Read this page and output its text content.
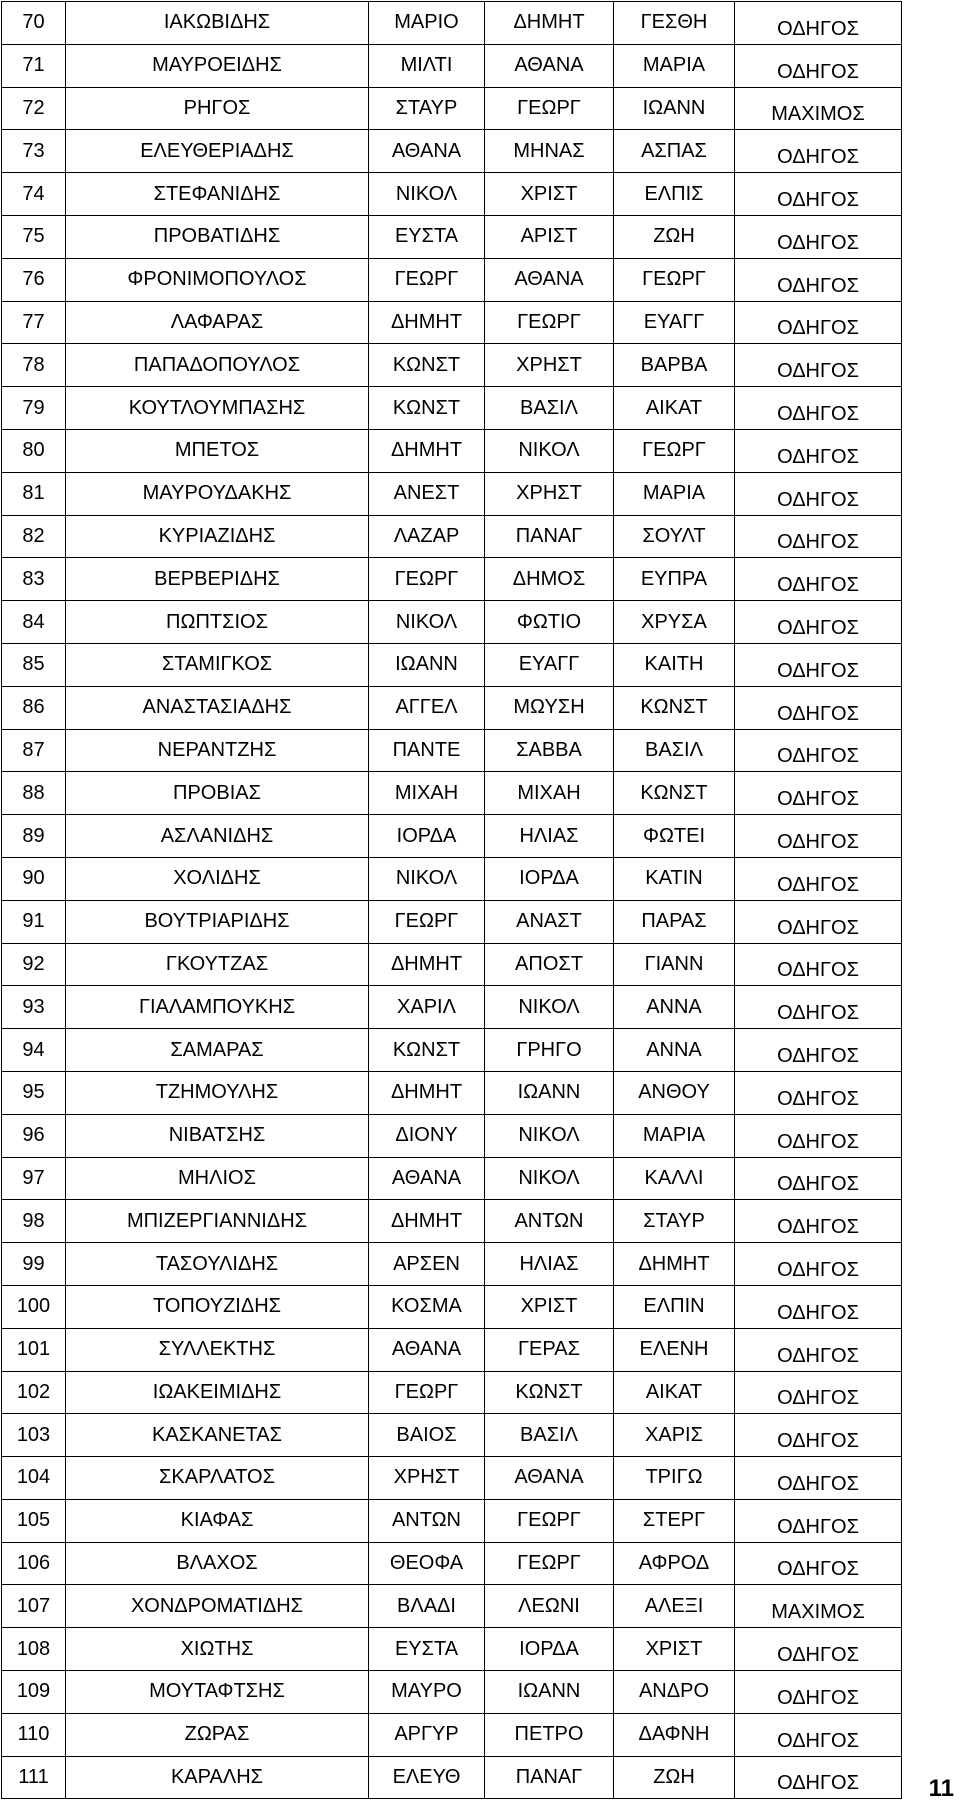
70	ΙΑΚΩΒΙΔΗΣ	ΜΑΡΙΟ	ΔΗΜΗΤ	ΓΕΣΘΗ	ΟΔΗΓΟΣ
71	ΜΑΥΡΟΕΙΔΗΣ	ΜΙΛΤΙ	ΑΘΑΝΑ	ΜΑΡΙΑ	ΟΔΗΓΟΣ
72	ΡΗΓΟΣ	ΣΤΑΥΡ	ΓΕΩΡΓ	ΙΩΑΝΝ	ΜΑΧΙΜΟΣ
73	ΕΛΕΥΘΕΡΙΑΔΗΣ	ΑΘΑΝΑ	ΜΗΝΑΣ	ΑΣΠΑΣ	ΟΔΗΓΟΣ
74	ΣΤΕΦΑΝΙΔΗΣ	ΝΙΚΟΛ	ΧΡΙΣΤ	ΕΛΠΙΣ	ΟΔΗΓΟΣ
75	ΠΡΟΒΑΤΙΔΗΣ	ΕΥΣΤΑ	ΑΡΙΣΤ	ΖΩΗ	ΟΔΗΓΟΣ
76	ΦΡΟΝΙΜΟΠΟΥΛΟΣ	ΓΕΩΡΓ	ΑΘΑΝΑ	ΓΕΩΡΓ	ΟΔΗΓΟΣ
77	ΛΑΦΑΡΑΣ	ΔΗΜΗΤ	ΓΕΩΡΓ	ΕΥΑΓΓ	ΟΔΗΓΟΣ
78	ΠΑΠΑΔΟΠΟΥΛΟΣ	ΚΩΝΣΤ	ΧΡΗΣΤ	ΒΑΡΒΑ	ΟΔΗΓΟΣ
79	ΚΟΥΤΛΟΥΜΠΑΣΗΣ	ΚΩΝΣΤ	ΒΑΣΙΛ	ΑΙΚΑΤ	ΟΔΗΓΟΣ
80	ΜΠΕΤΟΣ	ΔΗΜΗΤ	ΝΙΚΟΛ	ΓΕΩΡΓ	ΟΔΗΓΟΣ
81	ΜΑΥΡΟΥΔΑΚΗΣ	ΑΝΕΣΤ	ΧΡΗΣΤ	ΜΑΡΙΑ	ΟΔΗΓΟΣ
82	ΚΥΡΙΑΖΙΔΗΣ	ΛΑΖΑΡ	ΠΑΝΑΓ	ΣΟΥΛΤ	ΟΔΗΓΟΣ
83	ΒΕΡΒΕΡΙΔΗΣ	ΓΕΩΡΓ	ΔΗΜΟΣ	ΕΥΠΡΑ	ΟΔΗΓΟΣ
84	ΠΩΠΤΣΙΟΣ	ΝΙΚΟΛ	ΦΩΤΙΟ	ΧΡΥΣΑ	ΟΔΗΓΟΣ
85	ΣΤΑΜΙΓΚΟΣ	ΙΩΑΝΝ	ΕΥΑΓΓ	ΚΑΙΤΗ	ΟΔΗΓΟΣ
86	ΑΝΑΣΤΑΣΙΑΔΗΣ	ΑΓΓΕΛ	ΜΩΥΣΗ	ΚΩΝΣΤ	ΟΔΗΓΟΣ
87	ΝΕΡΑΝΤΖΗΣ	ΠΑΝΤΕ	ΣΑΒΒΑ	ΒΑΣΙΛ	ΟΔΗΓΟΣ
88	ΠΡΟΒΙΑΣ	ΜΙΧΑΗ	ΜΙΧΑΗ	ΚΩΝΣΤ	ΟΔΗΓΟΣ
89	ΑΣΛΑΝΙΔΗΣ	ΙΟΡΔΑ	ΗΛΙΑΣ	ΦΩΤΕΙ	ΟΔΗΓΟΣ
90	ΧΟΛΙΔΗΣ	ΝΙΚΟΛ	ΙΟΡΔΑ	ΚΑΤΙΝ	ΟΔΗΓΟΣ
91	ΒΟΥΤΡΙΑΡΙΔΗΣ	ΓΕΩΡΓ	ΑΝΑΣΤ	ΠΑΡΑΣ	ΟΔΗΓΟΣ
92	ΓΚΟΥΤΖΑΣ	ΔΗΜΗΤ	ΑΠΟΣΤ	ΓΙΑΝΝ	ΟΔΗΓΟΣ
93	ΓΙΑΛΑΜΠΟΥΚΗΣ	ΧΑΡΙΛ	ΝΙΚΟΛ	ΑΝΝΑ	ΟΔΗΓΟΣ
94	ΣΑΜΑΡΑΣ	ΚΩΝΣΤ	ΓΡΗΓΟ	ΑΝΝΑ	ΟΔΗΓΟΣ
95	ΤΖΗΜΟΥΛΗΣ	ΔΗΜΗΤ	ΙΩΑΝΝ	ΑΝΘΟΥ	ΟΔΗΓΟΣ
96	ΝΙΒΑΤΣΗΣ	ΔΙΟΝΥ	ΝΙΚΟΛ	ΜΑΡΙΑ	ΟΔΗΓΟΣ
97	ΜΗΛΙΟΣ	ΑΘΑΝΑ	ΝΙΚΟΛ	ΚΑΛΛΙ	ΟΔΗΓΟΣ
98	ΜΠΙΖΕΡΓΙΑΝΝΙΔΗΣ	ΔΗΜΗΤ	ΑΝΤΩΝ	ΣΤΑΥΡ	ΟΔΗΓΟΣ
99	ΤΑΣΟΥΛΙΔΗΣ	ΑΡΣΕΝ	ΗΛΙΑΣ	ΔΗΜΗΤ	ΟΔΗΓΟΣ
100	ΤΟΠΟΥΖΙΔΗΣ	ΚΟΣΜΑ	ΧΡΙΣΤ	ΕΛΠΙΝ	ΟΔΗΓΟΣ
101	ΣΥΛΛΕΚΤΗΣ	ΑΘΑΝΑ	ΓΕΡΑΣ	ΕΛΕΝΗ	ΟΔΗΓΟΣ
102	ΙΩΑΚΕΙΜΙΔΗΣ	ΓΕΩΡΓ	ΚΩΝΣΤ	ΑΙΚΑΤ	ΟΔΗΓΟΣ
103	ΚΑΣΚΑΝΕΤΑΣ	ΒΑΙΟΣ	ΒΑΣΙΛ	ΧΑΡΙΣ	ΟΔΗΓΟΣ
104	ΣΚΑΡΛΑΤΟΣ	ΧΡΗΣΤ	ΑΘΑΝΑ	ΤΡΙΓΩ	ΟΔΗΓΟΣ
105	ΚΙΑΦΑΣ	ΑΝΤΩΝ	ΓΕΩΡΓ	ΣΤΕΡΓ	ΟΔΗΓΟΣ
106	ΒΛΑΧΟΣ	ΘΕΟΦΑ	ΓΕΩΡΓ	ΑΦΡΟΔ	ΟΔΗΓΟΣ
107	ΧΟΝΔΡΟΜΑΤΙΔΗΣ	ΒΛΑΔΙ	ΛΕΩΝΙ	ΑΛΕΞΙ	ΜΑΧΙΜΟΣ
108	ΧΙΩΤΗΣ	ΕΥΣΤΑ	ΙΟΡΔΑ	ΧΡΙΣΤ	ΟΔΗΓΟΣ
109	ΜΟΥΤΑΦΤΣΗΣ	ΜΑΥΡΟ	ΙΩΑΝΝ	ΑΝΔΡΟ	ΟΔΗΓΟΣ
110	ΖΩΡΑΣ	ΑΡΓΥΡ	ΠΕΤΡΟ	ΔΑΦΝΗ	ΟΔΗΓΟΣ
111	ΚΑΡΑΛΗΣ	ΕΛΕΥΘ	ΠΑΝΑΓ	ΖΩΗ	ΟΔΗΓΟΣ	11
